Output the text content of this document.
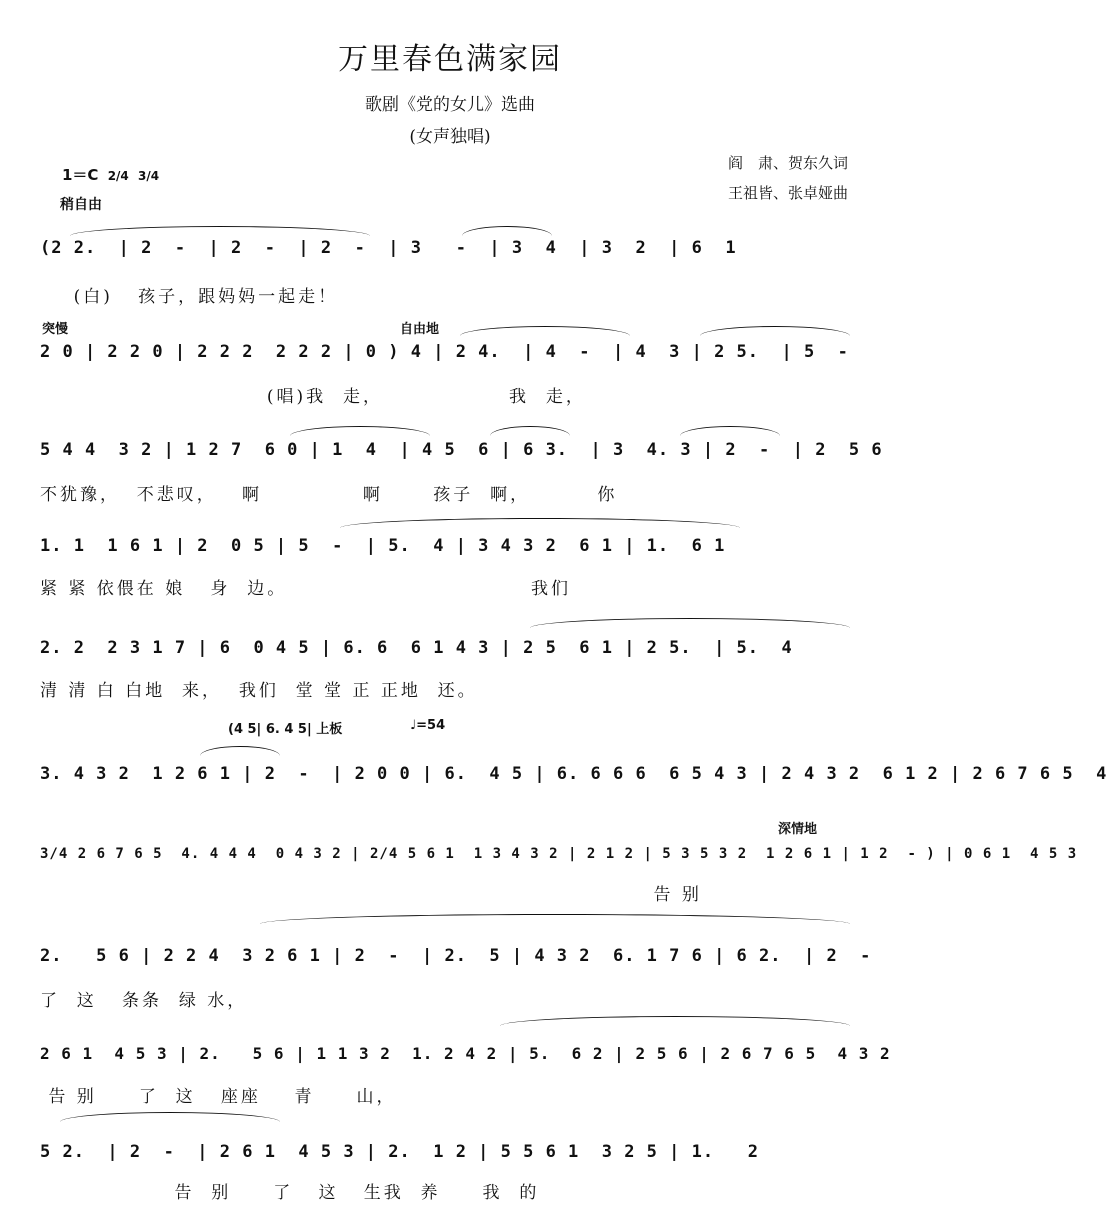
万里春色满家园
歌剧《党的女儿》选曲
(女声独唱)
阎　肃、贺东久词
王祖皆、张卓娅曲
1＝C 2/4 3/4
稍自由
(2 2.  | 2  -  | 2  -  | 2  -  | 3   -  | 3  4  | 3  2  | 6  1
(白)   孩子，跟妈妈一起走！
突慢	自由地
2 0 | 2 2 0 | 2 2 2  2 2 2 | 0 ) 4 | 2 4.  | 4  -  | 4  3 | 2 5.  | 5  -
(唱)我  走，               我  走，
5 4 4  3 2 | 1 2 7  6 0 | 1  4  | 4 5  6 | 6 3.  | 3  4. 3 | 2  -  | 2  5 6
不犹豫，  不悲叹，   啊            啊      孩子  啊，        你
1. 1  1 6 1 | 2  0 5 | 5  -  | 5.  4 | 3 4 3 2  6 1 | 1.  6 1
紧 紧 依偎在 娘   身  边。                             我们
2. 2  2 3 1 7 | 6  0 4 5 | 6. 6  6 1 4 3 | 2 5  6 1 | 2 5.  | 5.  4
清 清 白 白地  来，  我们  堂 堂 正 正地  还。
(4 5| 6. 4 5| 上板	♩=54
3. 4 3 2  1 2 6 1 | 2  -  | 2 0 0 | 6.  4 5 | 6. 6 6 6  6 5 4 3 | 2 4 3 2  6 1 2 | 2 6 7 6 5  4
深情地
3/4 2 6 7 6 5  4. 4 4 4  0 4 3 2 | 2/4 5 6 1  1 3 4 3 2 | 2 1 2 | 5 3 5 3 2  1 2 6 1 | 1 2  - ) | 0 6 1  4 5 3
告 别
2.   5 6 | 2 2 4  3 2 6 1 | 2  -  | 2.  5 | 4 3 2  6. 1 7 6 | 6 2.  | 2  -
了  这   条条  绿 水，
2 6 1  4 5 3 | 2.   5 6 | 1 1 3 2  1. 2 4 2 | 5.  6 2 | 2 5 6 | 2 6 7 6 5  4 3 2
告 别     了  这   座座    青     山，
5 2.  | 2  -  | 2 6 1  4 5 3 | 2.  1 2 | 5 5 6 1  3 2 5 | 1.   2
告  别     了   这   生我  养     我  的
